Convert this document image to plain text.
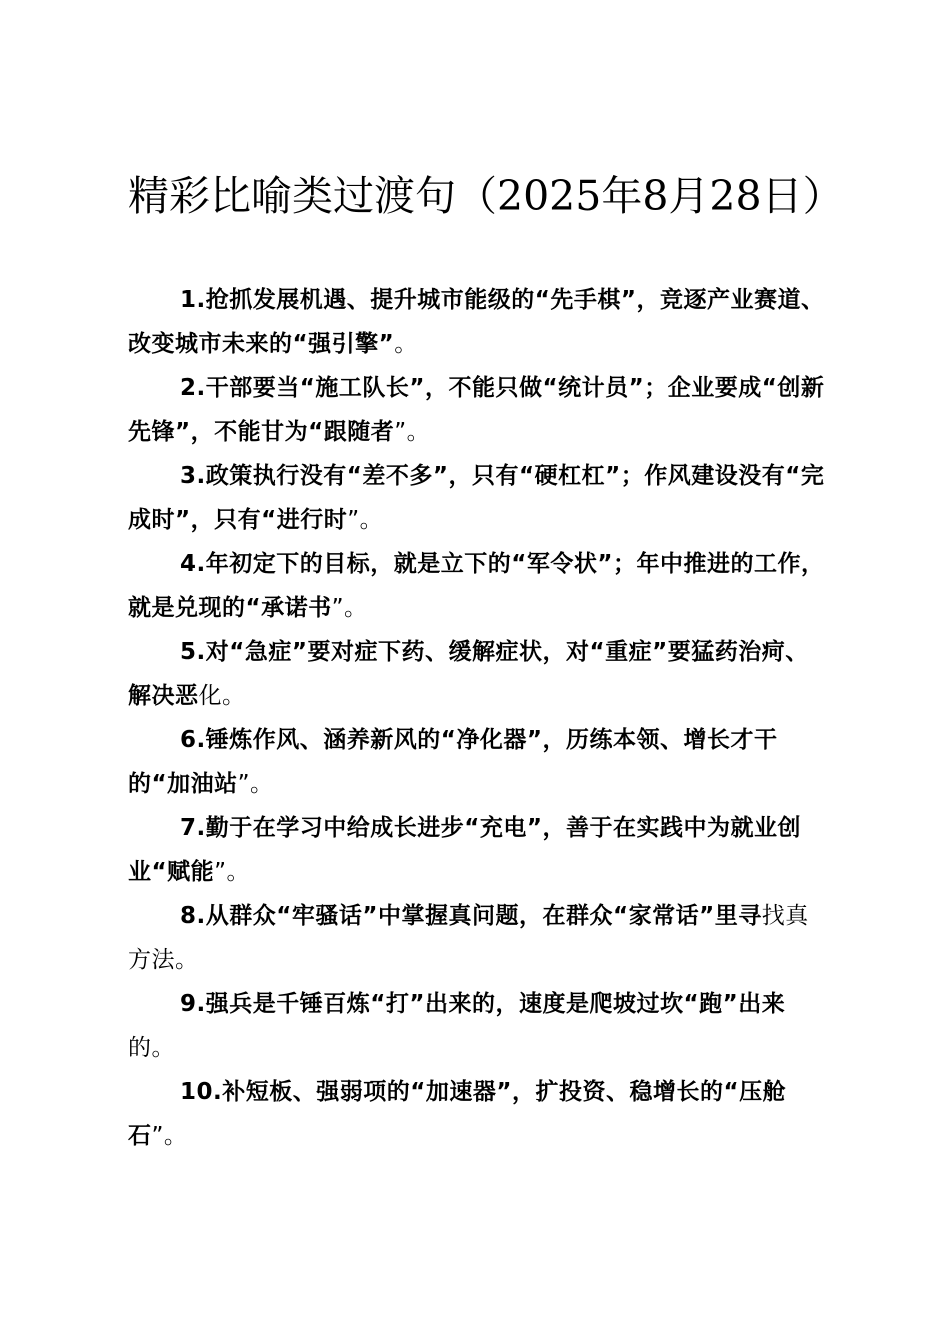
精彩比喻类过渡句（2025年8月28日）

1.抢抓发展机遇、提升城市能级的“先手棋”，竞逐产业赛道、改变城市未来的“强引擎”。

2.干部要当“施工队长”，不能只做“统计员”；企业要成“创新先锋”，不能甘为“跟随者”。

3.政策执行没有“差不多”，只有“硬杠杠”；作风建设没有“完成时”，只有“进行时”。

4.年初定下的目标，就是立下的“军令状”；年中推进的工作，就是兑现的“承诺书”。

5.对“急症”要对症下药、缓解症状，对“重症”要猛药治疴、解决恶化。

6.锤炼作风、涵养新风的“净化器”，历练本领、增长才干的“加油站”。

7.勤于在学习中给成长进步“充电”，善于在实践中为就业创业“赋能”。

8.从群众“牢骚话”中掌握真问题，在群众“家常话”里寻找真方法。

9.强兵是千锤百炼“打”出来的，速度是爬坡过坎“跑”出来的。

10.补短板、强弱项的“加速器”，扩投资、稳增长的“压舱石”。
